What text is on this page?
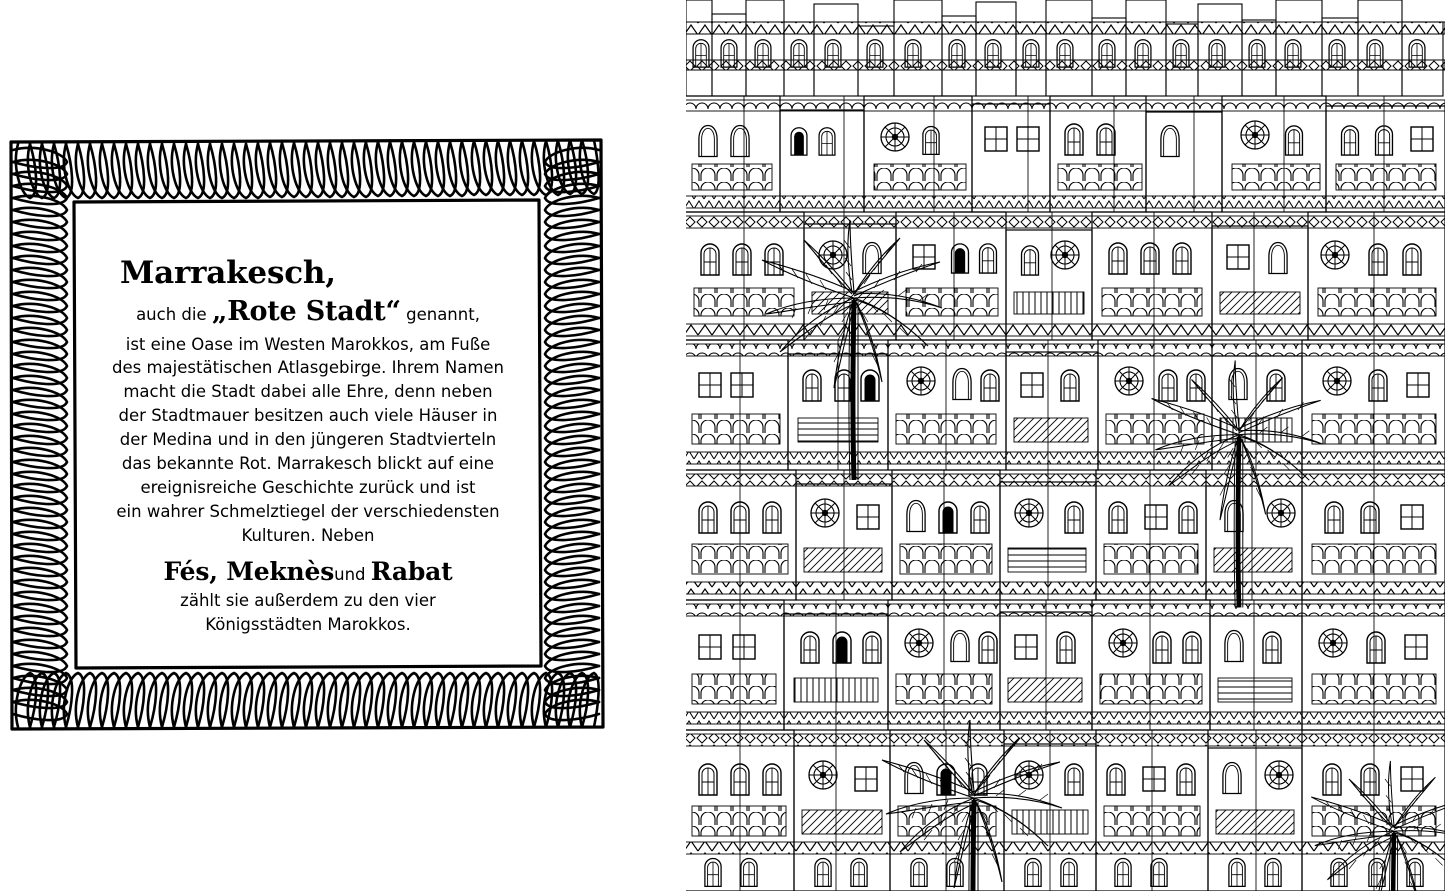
Marrakesch,
auch die „Rote Stadt“ genannt,

ist eine Oase im Westen Marokkos, am Fuße

des majestätischen Atlasgebirge. Ihrem Namen

macht die Stadt dabei alle Ehre, denn neben

der Stadtmauer besitzen auch viele Häuser in

der Medina und in den jüngeren Stadtvierteln

das bekannte Rot. Marrakesch blickt auf eine

ereignisreiche Geschichte zurück und ist

ein wahrer Schmelztiegel der verschiedensten

Kulturen. Neben

Fés, Meknèsund Rabat

zählt sie außerdem zu den vier

Königsstädten Marokkos.
